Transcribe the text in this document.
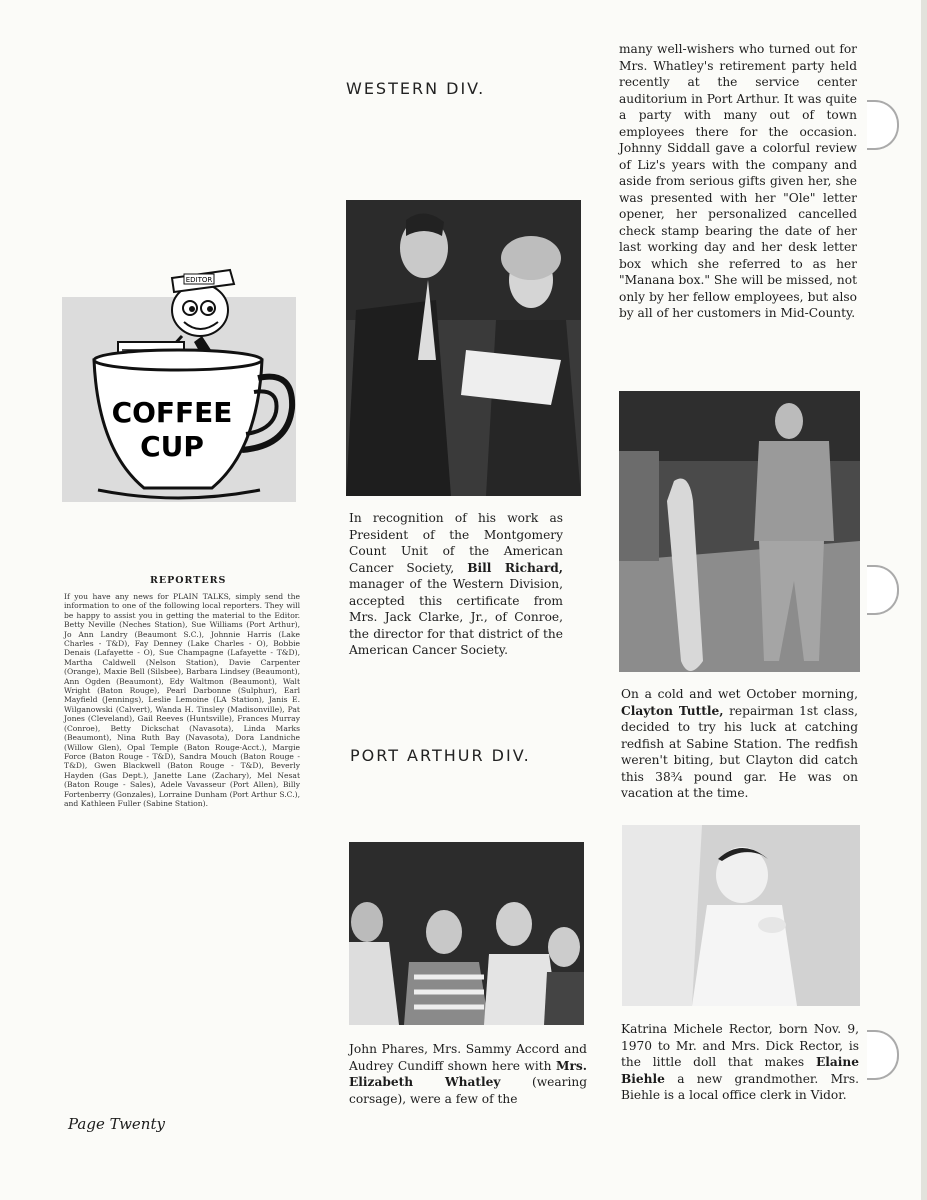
EDITOR
COFFEE
CUP
REPORTERS
If you have any news for PLAIN TALKS, simply send the information to one of the following local reporters. They will be happy to assist you in getting the material to the Editor. Betty Neville (Neches Station), Sue Williams (Port Arthur), Jo Ann Landry (Beaumont S.C.), Johnnie Harris (Lake Charles - T&D), Fay Denney (Lake Charles - O), Bobbie Denais (Lafayette - O), Sue Champagne (Lafayette - T&D), Martha Caldwell (Nelson Station), Davie Carpenter (Orange), Maxie Bell (Silsbee), Barbara Lindsey (Beaumont), Ann Ogden (Beaumont), Edy Waltmon (Beaumont), Walt Wright (Baton Rouge), Pearl Darbonne (Sulphur), Earl Mayfield (Jennings), Leslie Lemoine (LA Station), Janis E. Wilganowski (Calvert), Wanda H. Tinsley (Madisonville), Pat Jones (Cleveland), Gail Reeves (Huntsville), Frances Murray (Conroe), Betty Dickschat (Navasota), Linda Marks (Beaumont), Nina Ruth Bay (Navasota), Dora Landniche (Willow Glen), Opal Temple (Baton Rouge-Acct.), Margie Force (Baton Rouge - T&D), Sandra Mouch (Baton Rouge - T&D), Gwen Blackwell (Baton Rouge - T&D), Beverly Hayden (Gas Dept.), Janette Lane (Zachary), Mel Nesat (Baton Rouge - Sales), Adele Vavasseur (Port Allen), Billy Fortenberry (Gonzales), Lorraine Dunham (Port Arthur S.C.), and Kathleen Fuller (Sabine Station).
WESTERN DIV.
In recognition of his work as President of the Montgomery Count Unit of the American Cancer Society, Bill Richard, manager of the Western Division, accepted this certificate from Mrs. Jack Clarke, Jr., of Conroe, the director for that district of the American Cancer Society.
PORT ARTHUR DIV.
John Phares, Mrs. Sammy Accord and Audrey Cundiff shown here with Mrs. Elizabeth Whatley	(wearing corsage), were a few of the
many well-wishers who turned out for Mrs. Whatley's retirement party held recently at the service center auditorium in Port Arthur. It was quite a party with many out of town employees there for the occasion. Johnny Siddall gave a colorful review of Liz's years with the company and aside from serious gifts given her, she was presented with her "Ole" letter opener, her personalized cancelled check stamp bearing the date of her last working day and her desk letter box which she referred to as her "Manana box." She will be missed, not only by her fellow employees, but also by all of her customers in Mid-County.
On a cold and wet October morning, Clayton Tuttle, repairman 1st class, decided to try his luck at catching redfish at Sabine Station. The redfish weren't biting, but Clayton did catch this 38¾ pound gar. He was on vacation at the time.
Katrina Michele Rector, born Nov. 9, 1970 to Mr. and Mrs. Dick Rector, is the little doll that makes Elaine Biehle a new grandmother. Mrs. Biehle is a local office clerk in Vidor.
Page Twenty
